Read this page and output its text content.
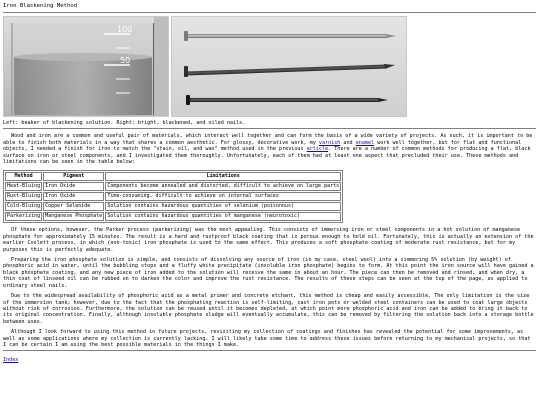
Iron Blackening Method
100
50
Left: beaker of blackening solution. Right: bright, blackened, and oiled nails.

Wood and iron are a common and useful pair of materials, which interact well together and can form the basis of a wide variety of projects. As such, it is important to be able to finish both materials in a way that shares a common aesthetic. For glossy, decorative work, my varnish and enamel work well together, but for flat and functional objects, I needed a finish for iron to match the "stain, oil, and wax" method used in the previous article. There are a number of common methods for producing a flat, black surface on iron or steel components, and I investigated them thoroughly. Unfortunately, each of them had at least one aspect that precluded their use. These methods and limitations can be seen in the table below:

Method	Pigment	Limitations
Heat-Bluing	Iron Oxide	Components become annealed and distorted, difficult to achieve on large parts
Rust-Bluing	Iron Oxide	Time-consuming, difficult to achieve on internal surfaces
Cold-Bluing	Copper Selenide	Solution contains hazardous quantities of selenium (poisonous)
Parkerizing	Manganese Phosphate	Solution contains hazardous quantities of manganese (neurotoxic)

Of these options, however, the Parker process (parkerizing) was the most appealing. This consists of immersing iron or steel components in a hot solution of manganese phosphate for approximately 15 minutes. The result is a hard and rustproof black coating that is porous enough to hold oil. Fortunately, this is actually an extension of the earlier Coslett process, in which (non-toxic) iron phosphate is used to the same effect. This produces a soft phosphate coating of moderate rust resistance, but for my purposes this is perfectly adequate.

Preparing the iron phosphate solution is simple, and consists of dissolving any source of iron (in my case, steel wool) into a simmering 5% solution (by weight) of phosphoric acid in water, until the bubbling stops and a fluffy white precipitate (insoluble iron phosphate) begins to form. At this point the iron source will have gained a black phosphate coating, and any new piece of iron added to the solution will receive the same in about an hour. The piece can then be removed and rinsed, and when dry, a thin coat of linseed oil can be rubbed on to darken the color and improve the rust resistance. The results of these steps can be seen at the top of the page, as applied to ordinary steel nails.

Due to the widespread availability of phosphoric acid as a metal primer and concrete etchant, this method is cheap and easily accessible. The only limitation is the size of the immersion tank; however, due to the fact that the phosphating reaction is self-limiting, cast iron pots or welded steel containers can be used to coat large objects without risk of corrosion. Furthermore, the solution can be reused until it becomes depleted, at which point more phosphoric acid and iron can be added to bring it back to its original concentration. Finally, although insoluble phosphate sludge will eventually accumulate, this can be removed by filtering the solution back into a storage bottle between uses.

Although I look forward to using this method in future projects, revisiting my collection of coatings and finishes has revealed the potential for some improvements, as well as some applications where my collection is currently lacking. I will likely take some time to address these issues before returning to my mechanical projects, so that I can be certain I am using the best possible materials in the things I make.

Index
